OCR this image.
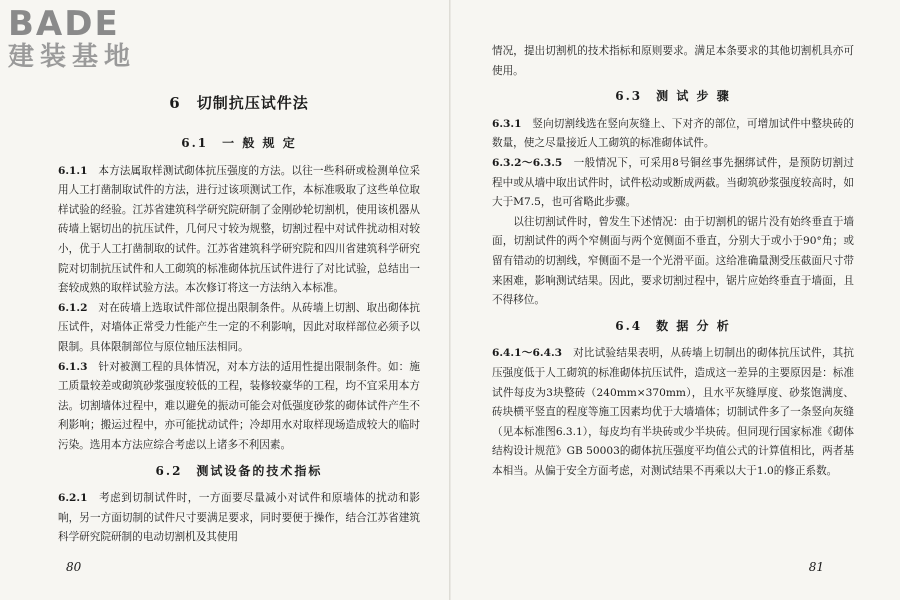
BADE
建装基地
6　切制抗压试件法
6.1　一 般 规 定

6.1.1　 本方法属取样测试砌体抗压强度的方法。以往一些科研或检测单位采用人工打凿制取试件的方法，进行过该项测试工作，本标准吸取了这些单位取样试验的经验。江苏省建筑科学研究院研制了金刚砂轮切割机，使用该机器从砖墙上锯切出的抗压试件，几何尺寸较为规整，切割过程中对试件扰动相对较小，优于人工打凿制取的试件。江苏省建筑科学研究院和四川省建筑科学研究院对切制抗压试件和人工砌筑的标准砌体抗压试件进行了对比试验，总结出一套较成熟的取样试验方法。本次修订将这一方法纳入本标准。

6.1.2　 对在砖墙上选取试件部位提出限制条件。从砖墙上切割、取出砌体抗压试件，对墙体正常受力性能产生一定的不利影响，因此对取样部位必须予以限制。具体限制部位与原位轴压法相同。

6.1.3　 针对被测工程的具体情况，对本方法的适用性提出限制条件。如：施工质量较差或砌筑砂浆强度较低的工程，装修较豪华的工程，均不宜采用本方法。切割墙体过程中，难以避免的振动可能会对低强度砂浆的砌体试件产生不利影响；搬运过程中，亦可能扰动试件；冷却用水对取样现场造成较大的临时污染。选用本方法应综合考虑以上诸多不利因素。

6.2　测试设备的技术指标

6.2.1　 考虑到切制试件时，一方面要尽量减小对试件和原墙体的扰动和影响，另一方面切制的试件尺寸要满足要求，同时要便于操作，结合江苏省建筑科学研究院研制的电动切割机及其使用

80

情况，提出切割机的技术指标和原则要求。满足本条要求的其他切割机具亦可使用。

6.3　测 试 步 骤

6.3.1　 竖向切割线选在竖向灰缝上、下对齐的部位，可增加试件中整块砖的数量，使之尽量接近人工砌筑的标准砌体试件。

6.3.2～6.3.5　 一般情况下，可采用8号铜丝事先捆绑试件，是预防切割过程中或从墙中取出试件时，试件松动或断成两截。当砌筑砂浆强度较高时，如大于M7.5，也可省略此步骤。

以往切割试件时，曾发生下述情况：由于切割机的锯片没有始终垂直于墙面，切割试件的两个窄侧面与两个宽侧面不垂直，分别大于或小于90°角；或留有错动的切割线，窄侧面不是一个光滑平面。这给准确量测受压截面尺寸带来困难，影响测试结果。因此，要求切割过程中，锯片应始终垂直于墙面，且不得移位。

6.4　数 据 分 析

6.4.1～6.4.3　 对比试验结果表明，从砖墙上切制出的砌体抗压试件，其抗压强度低于人工砌筑的标准砌体抗压试件，造成这一差异的主要原因是：标准试件每皮为3块整砖（240mm×370mm），且水平灰缝厚度、砂浆饱满度、砖块横平竖直的程度等施工因素均优于大墙墙体；切制试件多了一条竖向灰缝（见本标准图6.3.1），每皮均有半块砖或少半块砖。但同现行国家标准《砌体结构设计规范》GB 50003的砌体抗压强度平均值公式的计算值相比，两者基本相当。从偏于安全方面考虑，对测试结果不再乘以大于1.0的修正系数。

81
